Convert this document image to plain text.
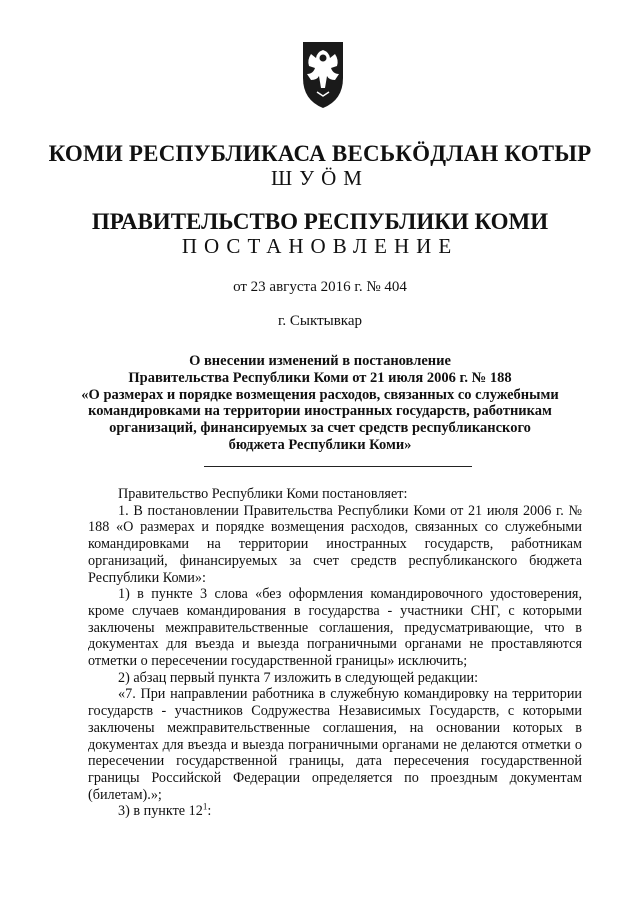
КОМИ РЕСПУБЛИКАСА ВЕСЬКÖДЛАН КОТЫР
ШУÖМ
ПРАВИТЕЛЬСТВО РЕСПУБЛИКИ КОМИ
ПОСТАНОВЛЕНИЕ
от 23 августа 2016 г. № 404
г. Сыктывкар
О внесении изменений в постановление
Правительства Республики Коми от 21 июля 2006 г. № 188
«О размерах и порядке возмещения расходов, связанных со служебными
командировками на территории иностранных государств, работникам
организаций, финансируемых за счет средств республиканского
бюджета Республики Коми»

Правительство Республики Коми постановляет:

1. В постановлении Правительства Республики Коми от 21 июля 2006 г. № 188 «О размерах и порядке возмещения расходов, связанных со служебными командировками на территории иностранных государств, работникам организаций, финансируемых за счет средств республиканского бюджета Республики Коми»:

1) в пункте 3 слова «без оформления командировочного удостоверения, кроме случаев командирования в государства - участники СНГ, с которыми заключены межправительственные соглашения, предусматривающие, что в документах для въезда и выезда пограничными органами не проставляются отметки о пересечении государственной границы» исключить;

2) абзац первый пункта 7 изложить в следующей редакции:

«7. При направлении работника в служебную командировку на территории государств - участников Содружества Независимых Государств, с которыми заключены межправительственные соглашения, на основании которых в документах для въезда и выезда пограничными органами не делаются отметки о пересечении государственной границы, дата пересечения государственной границы Российской Федерации определяется по проездным документам (билетам).»;

3) в пункте $12^1$:
